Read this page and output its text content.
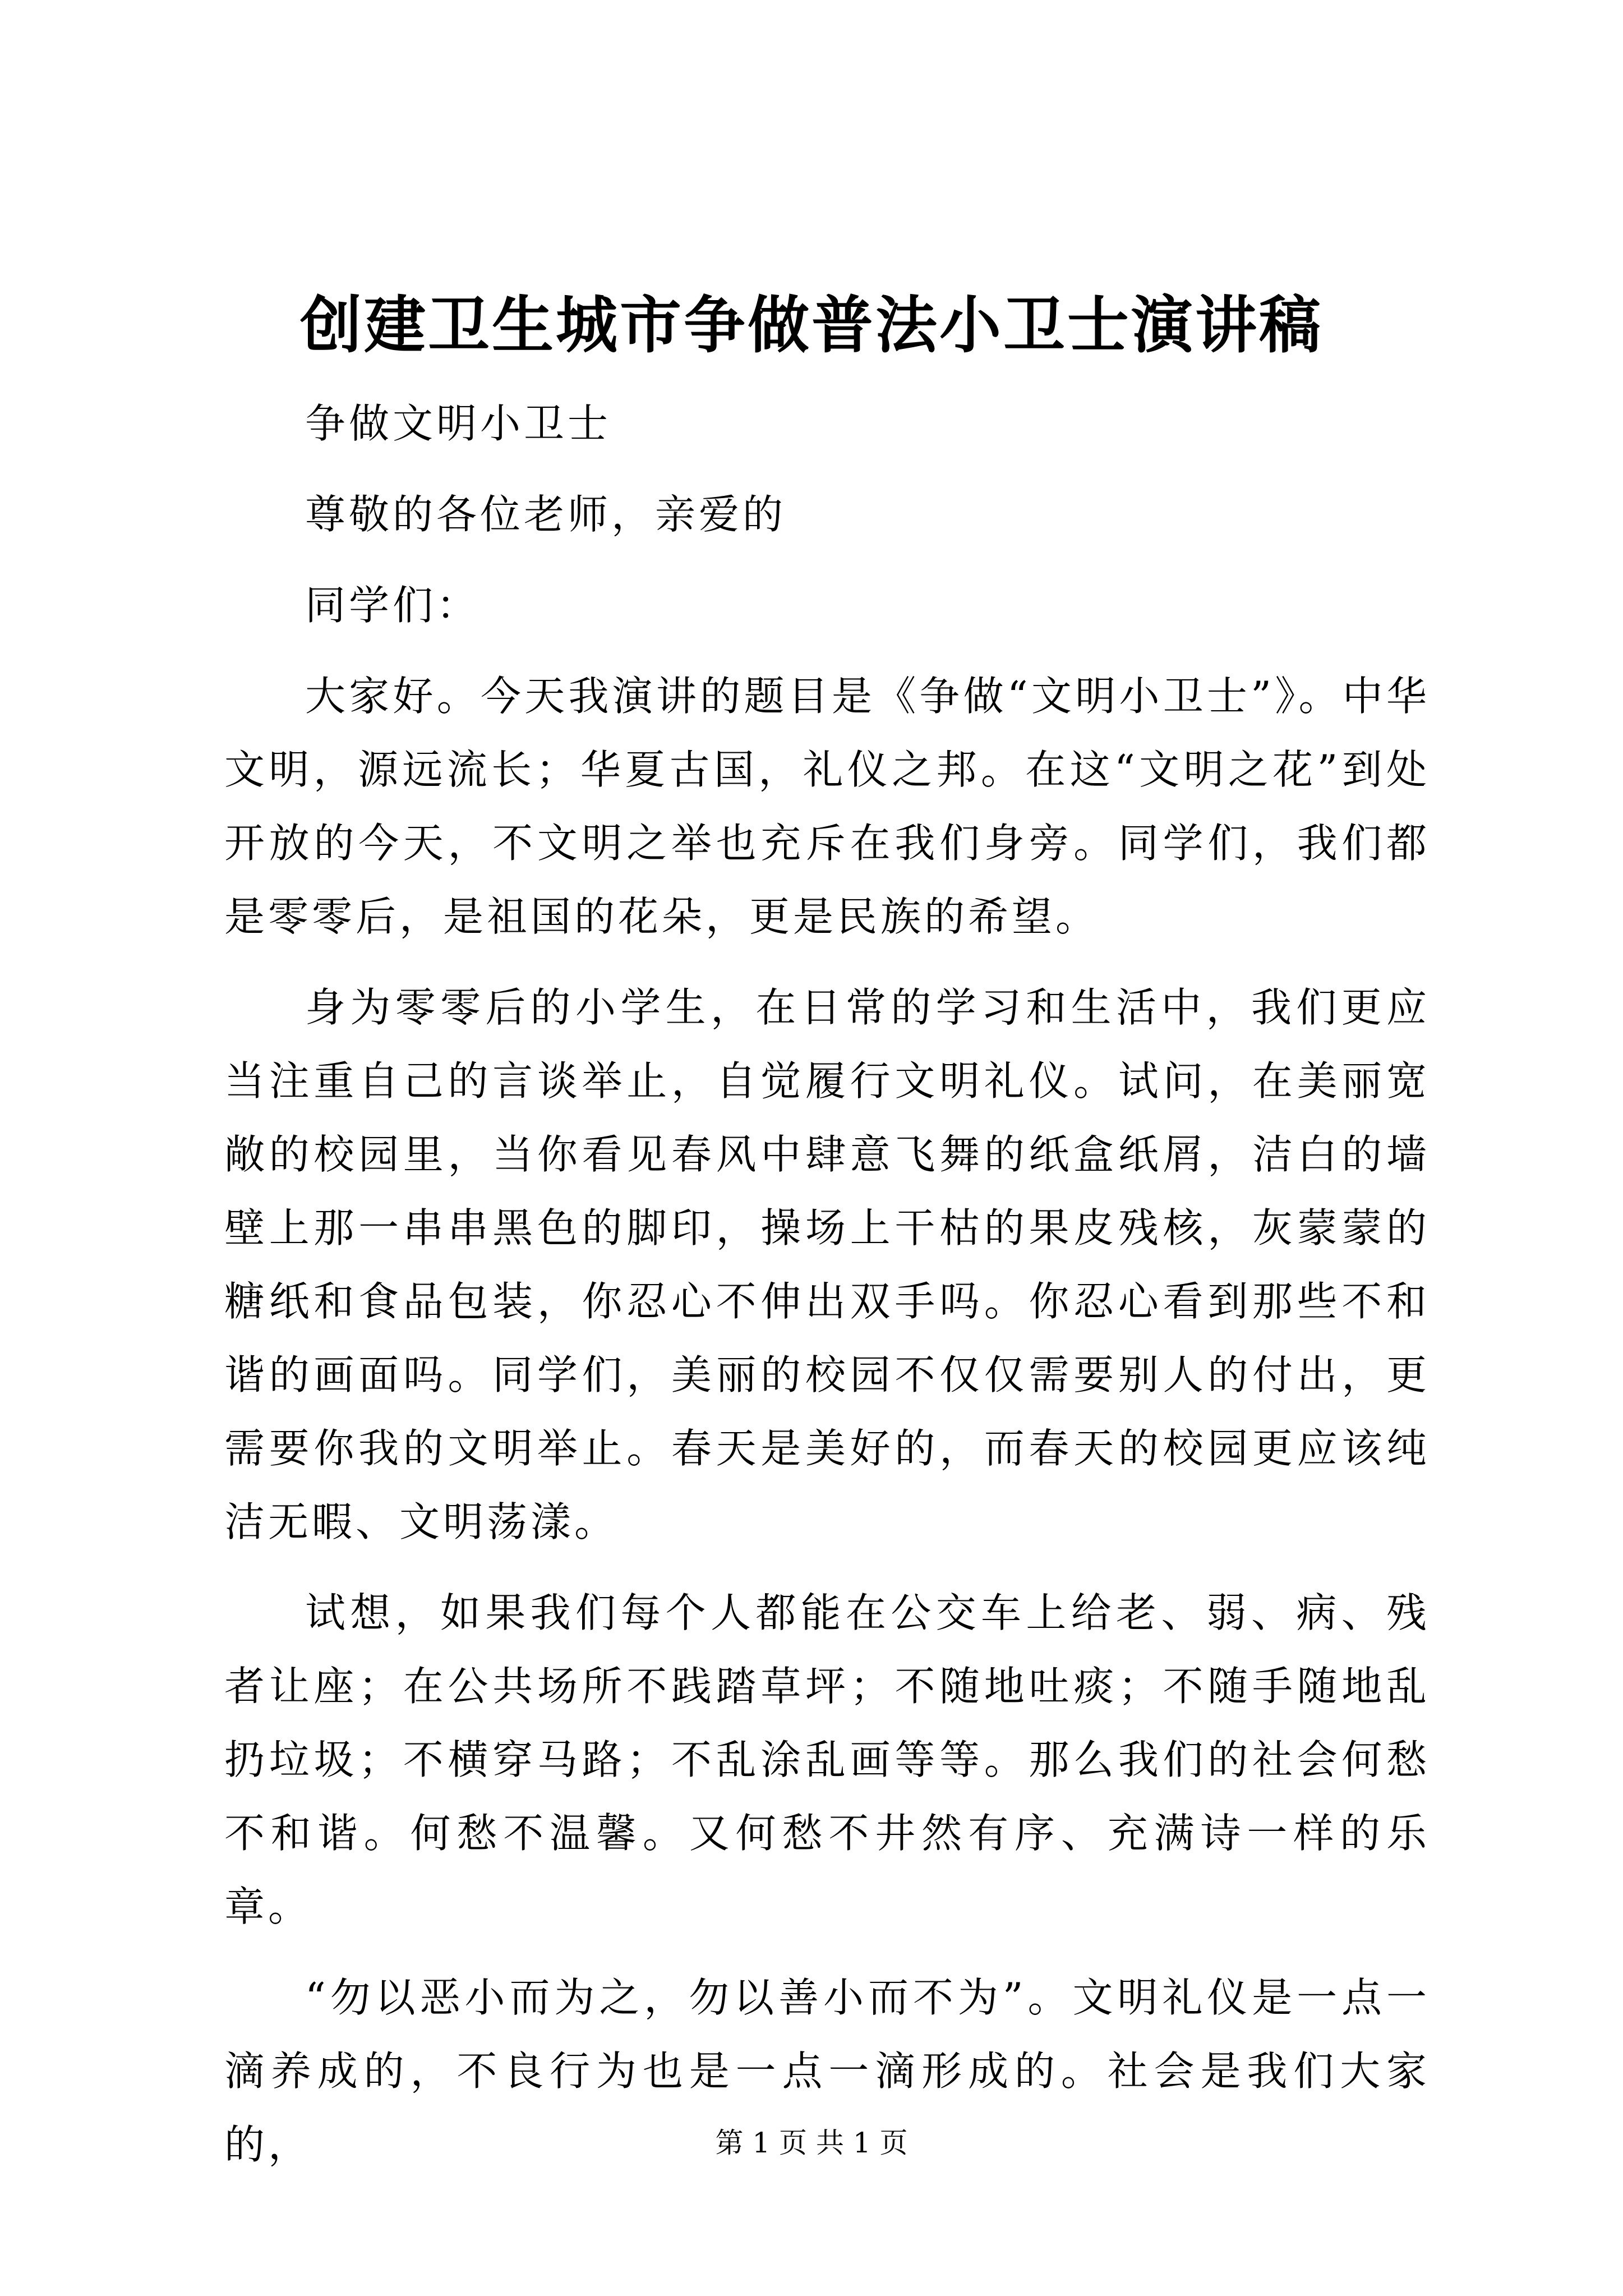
创建卫生城市争做普法小卫士演讲稿

争做文明小卫士

尊敬的各位老师，亲爱的

同学们：

大家好。今天我演讲的题目是《争做“文明小卫士”》。中华文明，源远流长；华夏古国，礼仪之邦。在这“文明之花”到处开放的今天，不文明之举也充斥在我们身旁。同学们，我们都是零零后，是祖国的花朵，更是民族的希望。

身为零零后的小学生，在日常的学习和生活中，我们更应当注重自己的言谈举止，自觉履行文明礼仪。试问，在美丽宽敞的校园里，当你看见春风中肆意飞舞的纸盒纸屑，洁白的墙壁上那一串串黑色的脚印，操场上干枯的果皮残核，灰蒙蒙的糖纸和食品包装，你忍心不伸出双手吗。你忍心看到那些不和谐的画面吗。同学们，美丽的校园不仅仅需要别人的付出，更需要你我的文明举止。春天是美好的，而春天的校园更应该纯洁无暇、文明荡漾。

试想，如果我们每个人都能在公交车上给老、弱、病、残者让座；在公共场所不践踏草坪；不随地吐痰；不随手随地乱扔垃圾；不横穿马路；不乱涂乱画等等。那么我们的社会何愁不和谐。何愁不温馨。又何愁不井然有序、充满诗一样的乐章。

“勿以恶小而为之，勿以善小而不为”。文明礼仪是一点一滴养成的，不良行为也是一点一滴形成的。社会是我们大家的，	第 1 页 共 1 页
